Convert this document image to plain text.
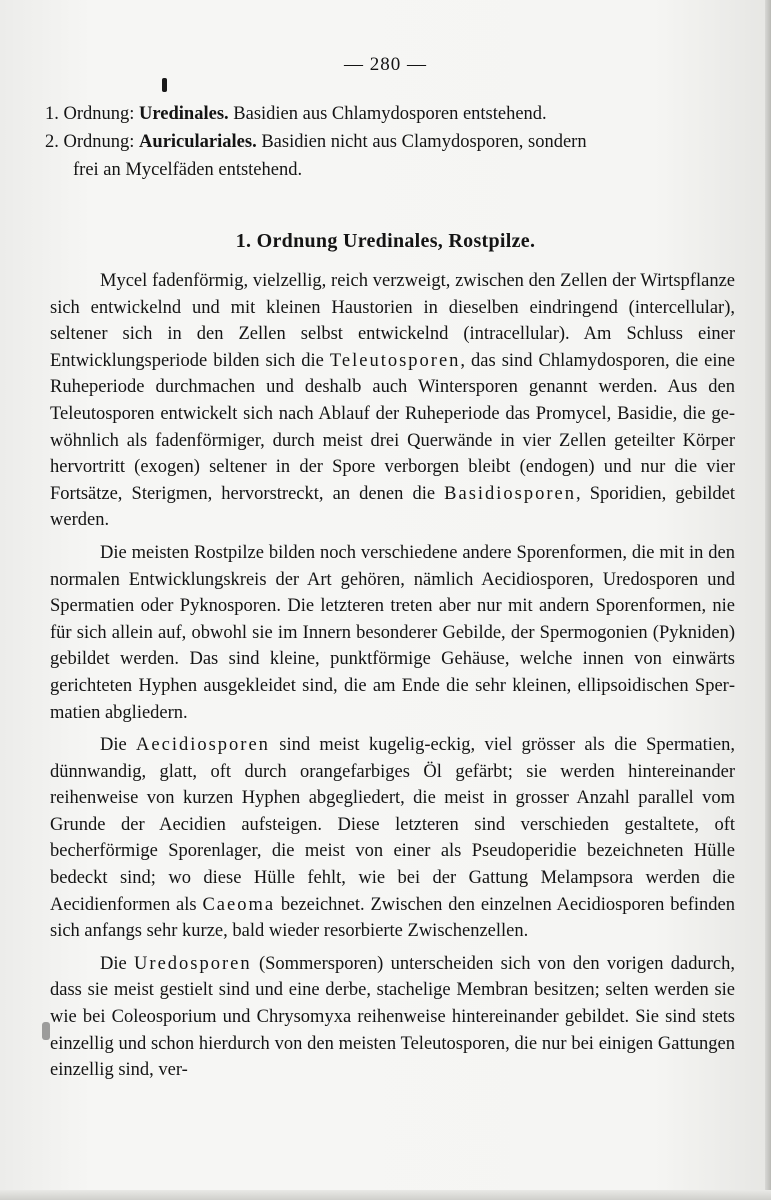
— 280 —
1. Ordnung: Uredinales. Basidien aus Chlamydosporen entstehend.
2. Ordnung: Auriculariales. Basidien nicht aus Clamydosporen, sondern
frei an Mycelfäden entstehend.
1. Ordnung Uredinales, Rostpilze.

Mycel fadenförmig, vielzellig, reich verzweigt, zwischen den Zellen der Wirtspflanze sich entwickelnd und mit kleinen Haustorien in dieselben eindringend (intercellular), seltener sich in den Zellen selbst entwickelnd (intracellular). Am Schluss einer Entwicklungsperiode bilden sich die Teleutosporen, das sind Chlamydosporen, die eine Ruheperiode durchmachen und deshalb auch Wintersporen genannt werden. Aus den Teleutosporen entwickelt sich nach Ablauf der Ruheperiode das Promycel, Basidie, die gewöhnlich als fadenförmiger, durch meist drei Querwände in vier Zellen geteilter Körper hervortritt (exogen) seltener in der Spore verborgen bleibt (endogen) und nur die vier Fortsätze, Sterigmen, hervorstreckt, an denen die Basidiosporen, Sporidien, gebildet werden.

Die meisten Rostpilze bilden noch verschiedene andere Sporenformen, die mit in den normalen Entwicklungskreis der Art gehören, nämlich Aecidiosporen, Uredosporen und Spermatien oder Pyknosporen. Die letzteren treten aber nur mit andern Sporenformen, nie für sich allein auf, obwohl sie im Innern besonderer Gebilde, der Spermogonien (Pykniden) gebildet werden. Das sind kleine, punktförmige Gehäuse, welche innen von einwärts gerichteten Hyphen ausgekleidet sind, die am Ende die sehr kleinen, ellipsoidischen Spermatien abgliedern.

Die Aecidiosporen sind meist kugelig-eckig, viel grösser als die Spermatien, dünnwandig, glatt, oft durch orangefarbiges Öl gefärbt; sie werden hintereinander reihenweise von kurzen Hyphen abgegliedert, die meist in grosser Anzahl parallel vom Grunde der Aecidien aufsteigen. Diese letzteren sind verschieden gestaltete, oft becherförmige Sporenlager, die meist von einer als Pseudoperidie bezeichneten Hülle bedeckt sind; wo diese Hülle fehlt, wie bei der Gattung Melampsora werden die Aecidienformen als Caeoma bezeichnet. Zwischen den einzelnen Aecidiosporen befinden sich anfangs sehr kurze, bald wieder resorbierte Zwischenzellen.

Die Uredosporen (Sommersporen) unterscheiden sich von den vorigen dadurch, dass sie meist gestielt sind und eine derbe, stachelige Membran besitzen; selten werden sie wie bei Coleosporium und Chrysomyxa reihenweise hintereinander gebildet. Sie sind stets einzellig und schon hierdurch von den meisten Teleutosporen, die nur bei einigen Gattungen einzellig sind, ver-
